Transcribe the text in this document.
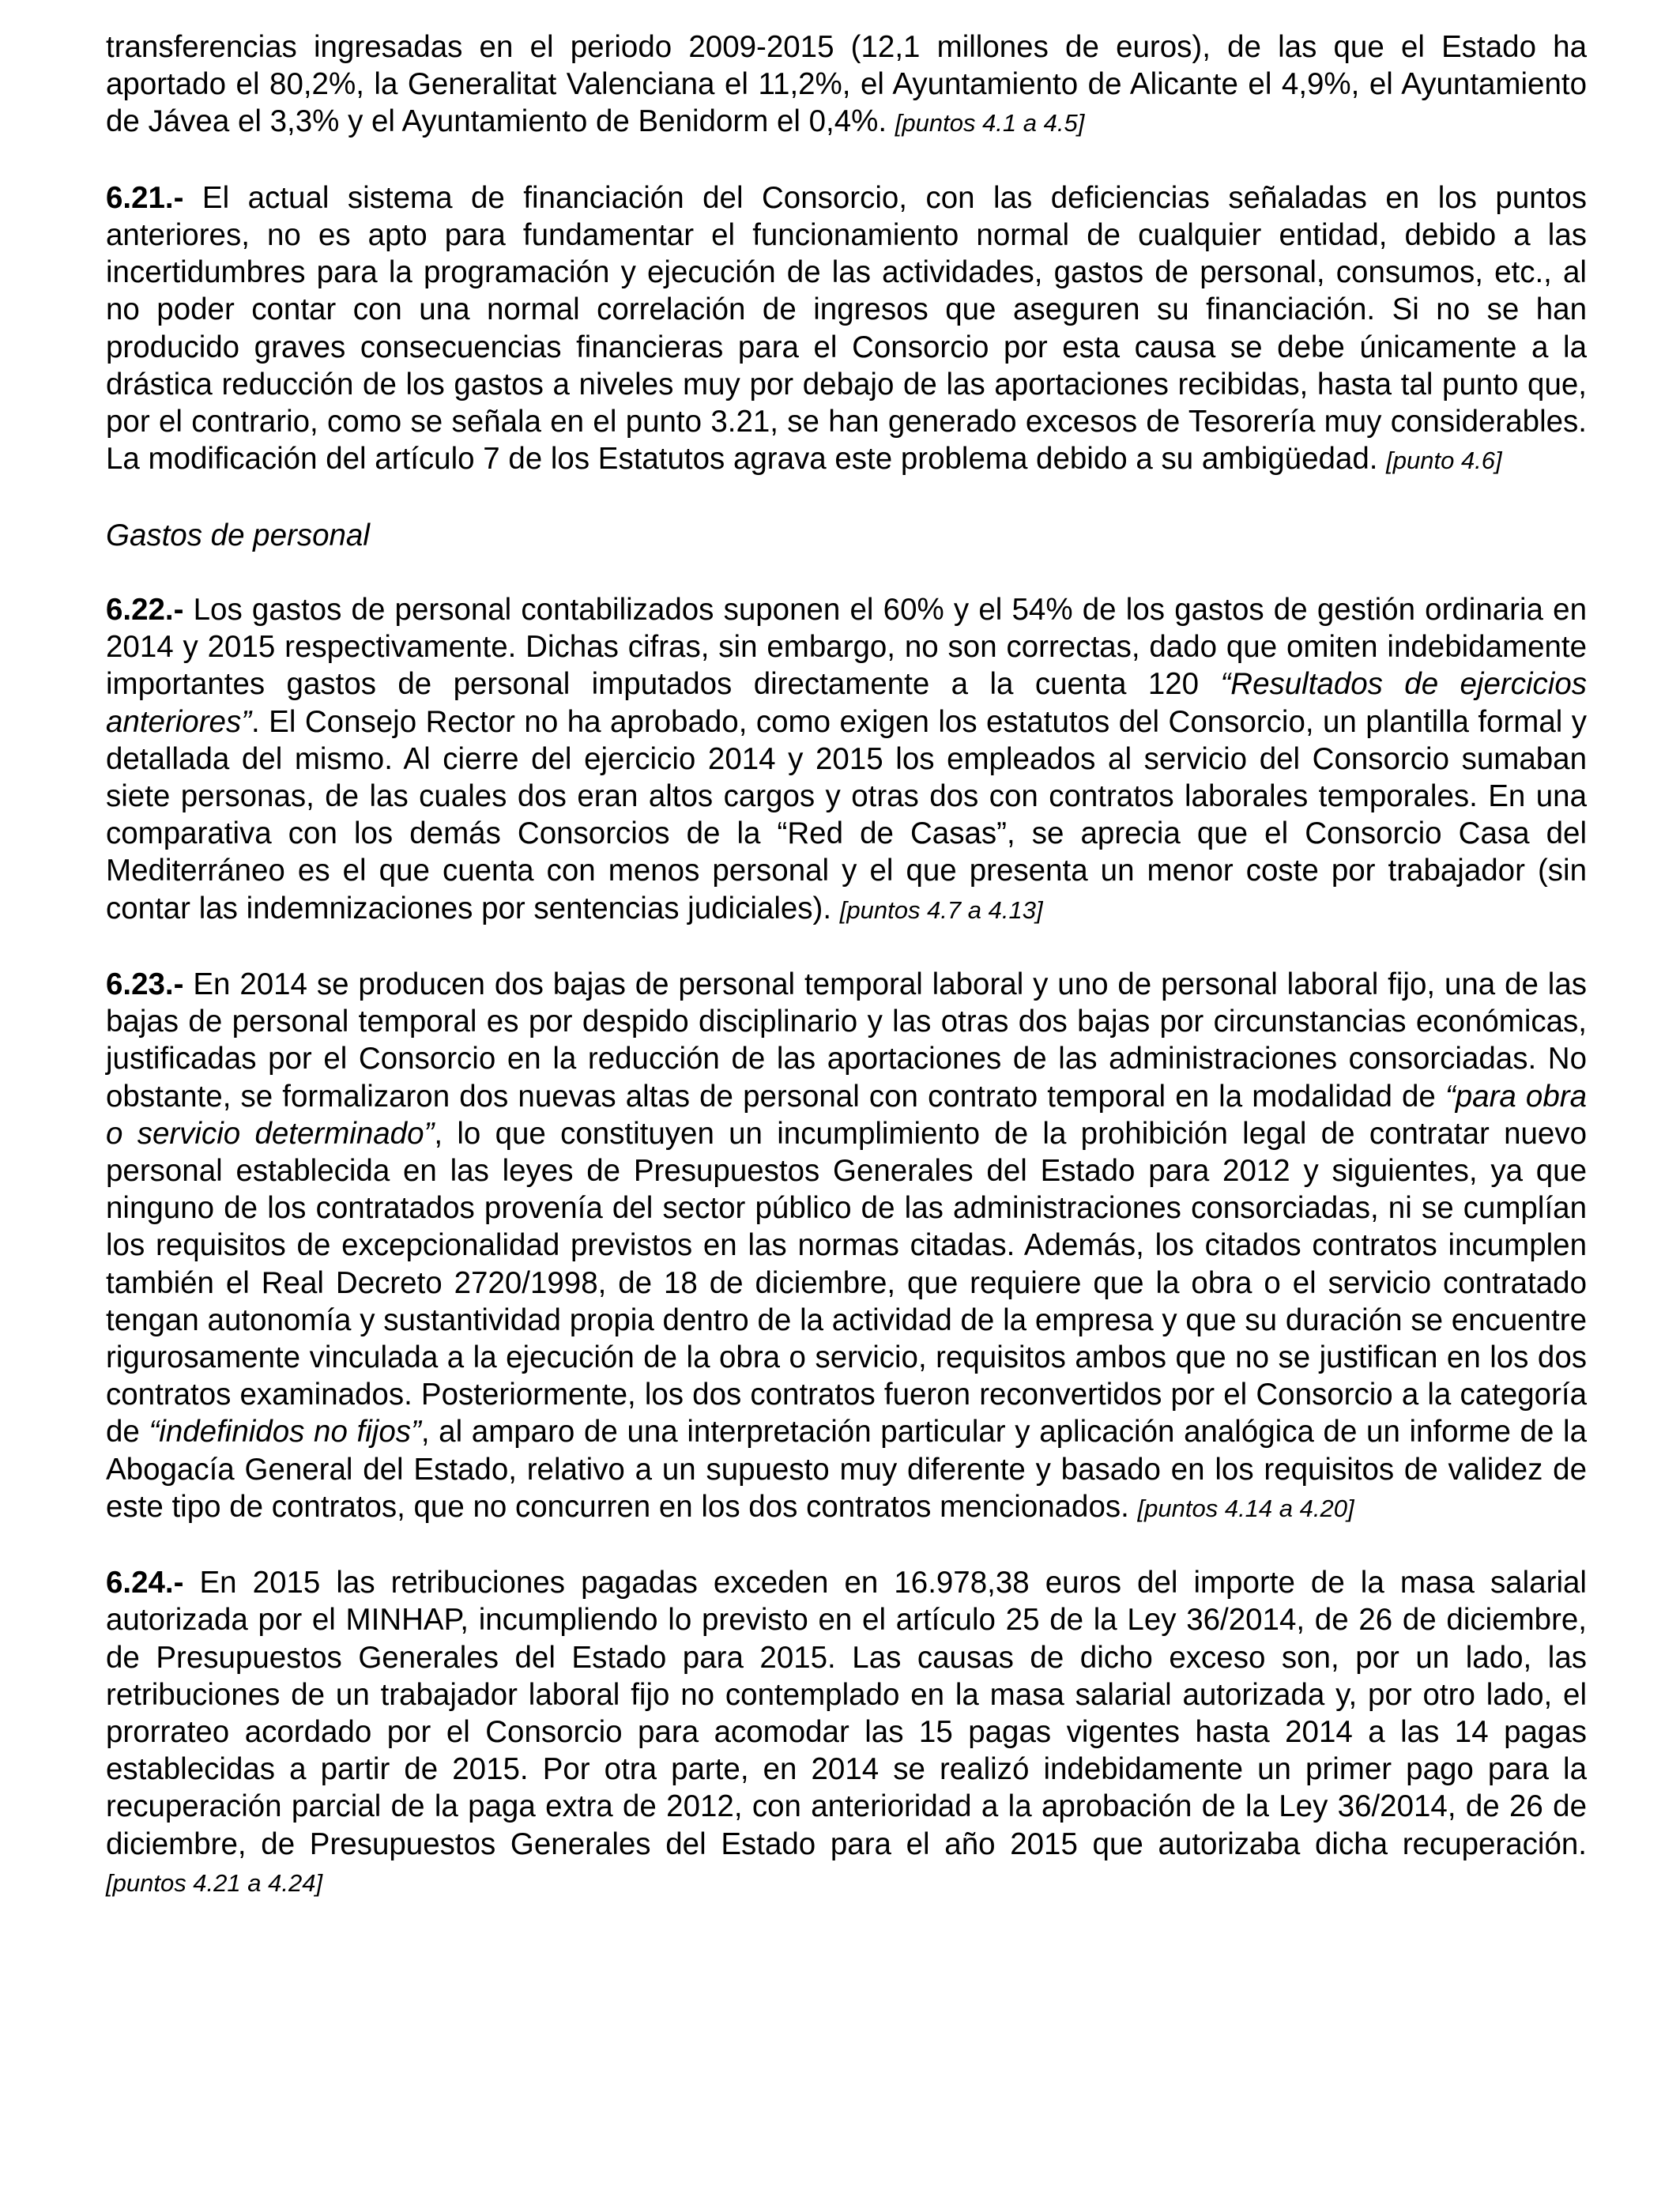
transferencias ingresadas en el periodo 2009-2015 (12,1 millones de euros), de las que el Estado ha aportado el 80,2%, la Generalitat Valenciana el 11,2%, el Ayuntamiento de Alicante el 4,9%, el Ayuntamiento de Jávea el 3,3% y el Ayuntamiento de Benidorm el 0,4%. [puntos 4.1 a 4.5]

6.21.- El actual sistema de financiación del Consorcio, con las deficiencias señaladas en los puntos anteriores, no es apto para fundamentar el funcionamiento normal de cualquier entidad, debido a las incertidumbres para la programación y ejecución de las actividades, gastos de personal, consumos, etc., al no poder contar con una normal correlación de ingresos que aseguren su financiación. Si no se han producido graves consecuencias financieras para el Consorcio por esta causa se debe únicamente a la drástica reducción de los gastos a niveles muy por debajo de las aportaciones recibidas, hasta tal punto que, por el contrario, como se señala en el punto 3.21, se han generado excesos de Tesorería muy considerables. La modificación del artículo 7 de los Estatutos agrava este problema debido a su ambigüedad. [punto 4.6]

Gastos de personal

6.22.- Los gastos de personal contabilizados suponen el 60% y el 54% de los gastos de gestión ordinaria en 2014 y 2015 respectivamente. Dichas cifras, sin embargo, no son correctas, dado que omiten indebidamente importantes gastos de personal imputados directamente a la cuenta 120 “Resultados de ejercicios anteriores”. El Consejo Rector no ha aprobado, como exigen los estatutos del Consorcio, un plantilla formal y detallada del mismo. Al cierre del ejercicio 2014 y 2015 los empleados al servicio del Consorcio sumaban siete personas, de las cuales dos eran altos cargos y otras dos con contratos laborales temporales. En una comparativa con los demás Consorcios de la “Red de Casas”, se aprecia que el Consorcio Casa del Mediterráneo es el que cuenta con menos personal y el que presenta un menor coste por trabajador (sin contar las indemnizaciones por sentencias judiciales). [puntos 4.7 a 4.13]

6.23.- En 2014 se producen dos bajas de personal temporal laboral y uno de personal laboral fijo, una de las bajas de personal temporal es por despido disciplinario y las otras dos bajas por circunstancias económicas, justificadas por el Consorcio en la reducción de las aportaciones de las administraciones consorciadas. No obstante, se formalizaron dos nuevas altas de personal con contrato temporal en la modalidad de “para obra o servicio determinado”, lo que constituyen un incumplimiento de la prohibición legal de contratar nuevo personal establecida en las leyes de Presupuestos Generales del Estado para 2012 y siguientes, ya que ninguno de los contratados provenía del sector público de las administraciones consorciadas, ni se cumplían los requisitos de excepcionalidad previstos en las normas citadas. Además, los citados contratos incumplen también el Real Decreto 2720/1998, de 18 de diciembre, que requiere que la obra o el servicio contratado tengan autonomía y sustantividad propia dentro de la actividad de la empresa y que su duración se encuentre rigurosamente vinculada a la ejecución de la obra o servicio, requisitos ambos que no se justifican en los dos contratos examinados. Posteriormente, los dos contratos fueron reconvertidos por el Consorcio a la categoría de “indefinidos no fijos”, al amparo de una interpretación particular y aplicación analógica de un informe de la Abogacía General del Estado, relativo a un supuesto muy diferente y basado en los requisitos de validez de este tipo de contratos, que no concurren en los dos contratos mencionados. [puntos 4.14 a 4.20]

6.24.- En 2015 las retribuciones pagadas exceden en 16.978,38 euros del importe de la masa salarial autorizada por el MINHAP, incumpliendo lo previsto en el artículo 25 de la Ley 36/2014, de 26 de diciembre, de Presupuestos Generales del Estado para 2015. Las causas de dicho exceso son, por un lado, las retribuciones de un trabajador laboral fijo no contemplado en la masa salarial autorizada y, por otro lado, el prorrateo acordado por el Consorcio para acomodar las 15 pagas vigentes hasta 2014 a las 14 pagas establecidas a partir de 2015. Por otra parte, en 2014 se realizó indebidamente un primer pago para la recuperación parcial de la paga extra de 2012, con anterioridad a la aprobación de la Ley 36/2014, de 26 de diciembre, de Presupuestos Generales del Estado para el año 2015 que autorizaba dicha recuperación. [puntos 4.21 a 4.24]
